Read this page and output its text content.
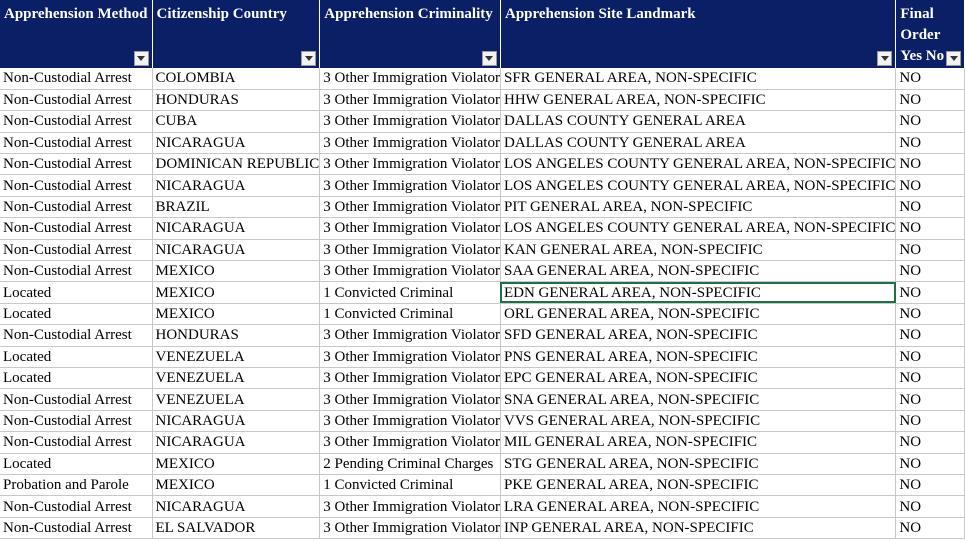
Apprehension Method	Citizenship Country	Apprehension Criminality	Apprehension Site Landmark	Final Order Yes No

Non-Custodial Arrest	COLOMBIA	3 Other Immigration Violator	SFR GENERAL AREA, NON-SPECIFIC	NO
Non-Custodial Arrest	HONDURAS	3 Other Immigration Violator	HHW GENERAL AREA, NON-SPECIFIC	NO
Non-Custodial Arrest	CUBA	3 Other Immigration Violator	DALLAS COUNTY GENERAL AREA	NO
Non-Custodial Arrest	NICARAGUA	3 Other Immigration Violator	DALLAS COUNTY GENERAL AREA	NO
Non-Custodial Arrest	DOMINICAN REPUBLIC	3 Other Immigration Violator	LOS ANGELES COUNTY GENERAL AREA, NON-SPECIFIC	NO
Non-Custodial Arrest	NICARAGUA	3 Other Immigration Violator	LOS ANGELES COUNTY GENERAL AREA, NON-SPECIFIC	NO
Non-Custodial Arrest	BRAZIL	3 Other Immigration Violator	PIT GENERAL AREA, NON-SPECIFIC	NO
Non-Custodial Arrest	NICARAGUA	3 Other Immigration Violator	LOS ANGELES COUNTY GENERAL AREA, NON-SPECIFIC	NO
Non-Custodial Arrest	NICARAGUA	3 Other Immigration Violator	KAN GENERAL AREA, NON-SPECIFIC	NO
Non-Custodial Arrest	MEXICO	3 Other Immigration Violator	SAA GENERAL AREA, NON-SPECIFIC	NO
Located	MEXICO	1 Convicted Criminal	EDN GENERAL AREA, NON-SPECIFIC	NO
Located	MEXICO	1 Convicted Criminal	ORL GENERAL AREA, NON-SPECIFIC	NO
Non-Custodial Arrest	HONDURAS	3 Other Immigration Violator	SFD GENERAL AREA, NON-SPECIFIC	NO
Located	VENEZUELA	3 Other Immigration Violator	PNS GENERAL AREA, NON-SPECIFIC	NO
Located	VENEZUELA	3 Other Immigration Violator	EPC GENERAL AREA, NON-SPECIFIC	NO
Non-Custodial Arrest	VENEZUELA	3 Other Immigration Violator	SNA GENERAL AREA, NON-SPECIFIC	NO
Non-Custodial Arrest	NICARAGUA	3 Other Immigration Violator	VVS GENERAL AREA, NON-SPECIFIC	NO
Non-Custodial Arrest	NICARAGUA	3 Other Immigration Violator	MIL GENERAL AREA, NON-SPECIFIC	NO
Located	MEXICO	2 Pending Criminal Charges	STG GENERAL AREA, NON-SPECIFIC	NO
Probation and Parole	MEXICO	1 Convicted Criminal	PKE GENERAL AREA, NON-SPECIFIC	NO
Non-Custodial Arrest	NICARAGUA	3 Other Immigration Violator	LRA GENERAL AREA, NON-SPECIFIC	NO
Non-Custodial Arrest	EL SALVADOR	3 Other Immigration Violator	INP GENERAL AREA, NON-SPECIFIC	NO
